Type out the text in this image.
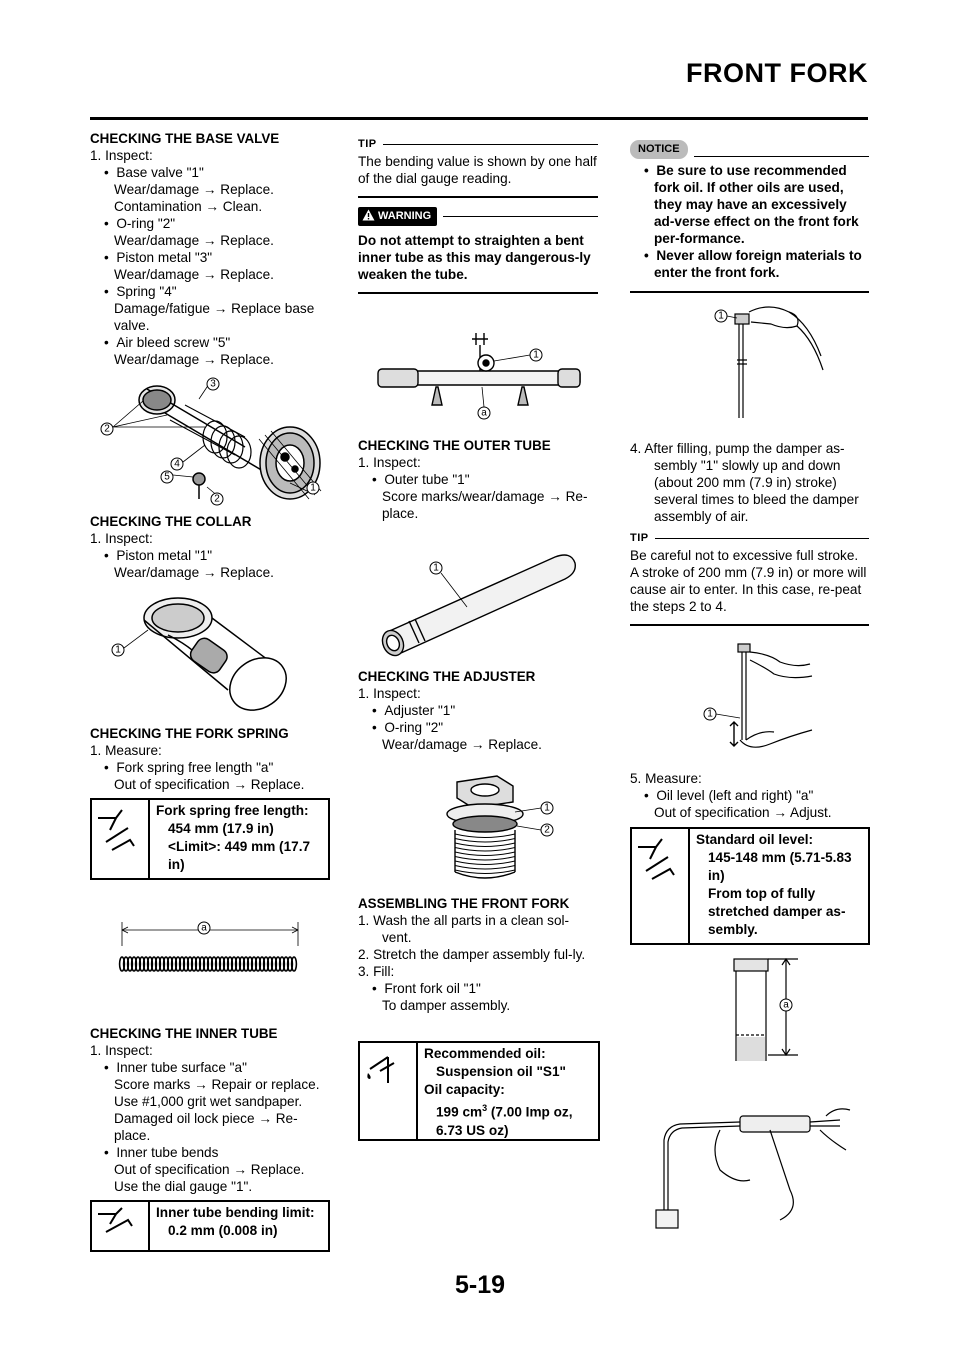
FRONT FORK

CHECKING THE BASE VALVE

1. Inspect:

•  Base valve "1"

Wear/damage → Replace.

Contamination → Clean.

•  O-ring "2"

Wear/damage → Replace.

•  Piston metal "3"

Wear/damage → Replace.

•  Spring "4"

Damage/fatigue → Replace base valve.

•  Air bleed screw "5"

Wear/damage → Replace.

2
3
4
5
1
2

CHECKING THE COLLAR

1. Inspect:

•  Piston metal "1"

Wear/damage → Replace.

1

CHECKING THE FORK SPRING

1. Measure:

•  Fork spring free length "a"

Out of specification → Replace.

Fork spring free length:
454 mm (17.9 in)
<Limit>: 449 mm (17.7 in)
a

CHECKING THE INNER TUBE

1. Inspect:

•  Inner tube surface "a"

Score marks → Repair or replace.

Use #1,000 grit wet sandpaper.

Damaged oil lock piece → Re-place.

•  Inner tube bends

Out of specification → Replace.

Use the dial gauge "1".

Inner tube bending limit:
0.2 mm (0.008 in)
TIP

The bending value is shown by one half of the dial gauge reading.

WARNING

Do not attempt to straighten a bent inner tube as this may dangerous-ly weaken the tube.

1
a

CHECKING THE OUTER TUBE

1. Inspect:

•  Outer tube "1"

Score marks/wear/damage → Re-place.

1

CHECKING THE ADJUSTER

1. Inspect:

•  Adjuster "1"

•  O-ring "2"

Wear/damage → Replace.

1
2

ASSEMBLING THE FRONT FORK

1. Wash the all parts in a clean sol-vent.

2. Stretch the damper assembly ful-ly.

3. Fill:

•  Front fork oil "1"

To damper assembly.

Recommended oil:
Suspension oil "S1"
Oil capacity:
199 $cm^3$ (7.00 Imp oz,
6.73 US oz)
NOTICE

•  Be sure to use recommended fork oil. If other oils are used, they may have an excessively ad-verse effect on the front fork per-formance.

•  Never allow foreign materials to enter the front fork.

1

4. After filling, pump the damper as-sembly "1" slowly up and down (about 200 mm (7.9 in) stroke) several times to bleed the damper assembly of air.

TIP

Be careful not to excessive full stroke. A stroke of 200 mm (7.9 in) or more will cause air to enter. In this case, re-peat the steps 2 to 4.

1

5. Measure:

•  Oil level (left and right) "a"

Out of specification → Adjust.

Standard oil level:
145-148 mm (5.71-5.83 in)
From top of fully stretched damper as-sembly.
a
5-19
